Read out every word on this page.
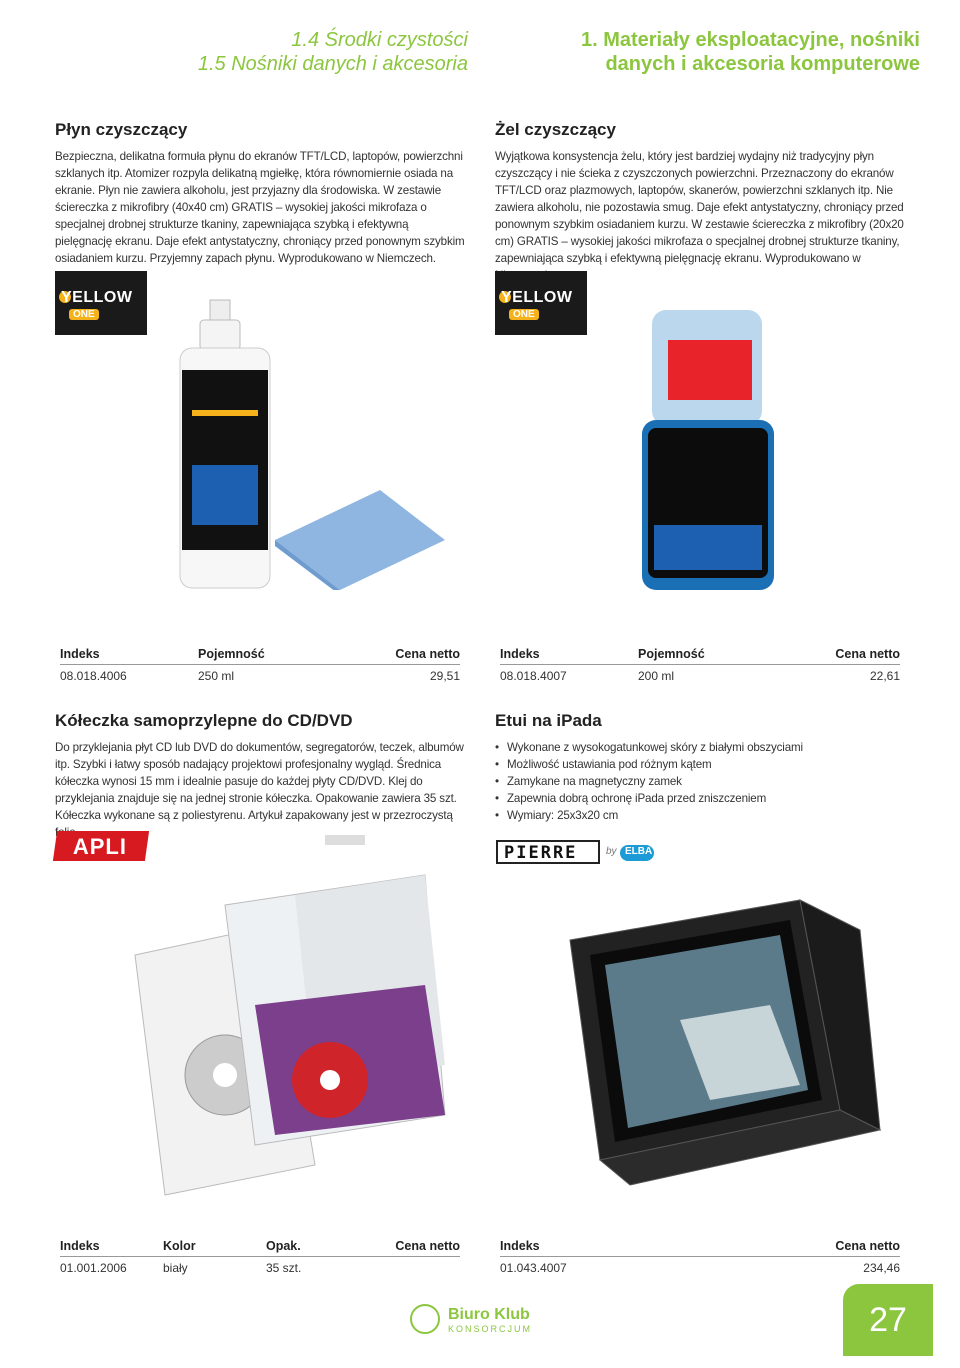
1.4 Środki czystości
1.5 Nośniki danych i akcesoria
1. Materiały eksploatacyjne, nośniki
danych i akcesoria komputerowe
Płyn czyszczący

Bezpieczna, delikatna formuła płynu do ekranów TFT/LCD, laptopów, powierzchni szklanych itp. Atomizer rozpyla delikatną mgiełkę, która równomiernie osiada na ekranie. Płyn nie zawiera alkoholu, jest przyjazny dla środowiska. W zestawie ściereczka z mikrofibry (40x40 cm) GRATIS – wysokiej jakości mikrofaza o specjalnej drobnej strukturze tkaniny, zapewniająca szybką i efektywną pielęgnację ekranu. Daje efekt antystatyczny, chroniący przed ponownym szybkim osiadaniem kurzu. Przyjemny zapach płynu. Wyprodukowano w Niemczech.

YELLOW
ONE
Indeks	Pojemność	Cena netto
08.018.4006	250 ml	29,51
Żel czyszczący

Wyjątkowa konsystencja żelu, który jest bardziej wydajny niż tradycyjny płyn czyszczący i nie ścieka z czyszczonych powierzchni. Przeznaczony do ekranów TFT/LCD oraz plazmowych, laptopów, skanerów, powierzchni szklanych itp. Nie zawiera alkoholu, nie pozostawia smug. Daje efekt antystatyczny, chroniący przed ponownym szybkim osiadaniem kurzu. W zestawie ściereczka z mikrofibry (20x20 cm) GRATIS – wysokiej jakości mikrofaza o specjalnej drobnej strukturze tkaniny, zapewniająca szybką i efektywną pielęgnację ekranu. Wyprodukowano w

YELLOW
ONE
Indeks	Pojemność	Cena netto
08.018.4007	200 ml	22,61
Kółeczka samoprzylepne do CD/DVD

Do przyklejania płyt CD lub DVD do dokumentów, segregatorów, teczek, albumów itp. Szybki i łatwy sposób nadający projektowi profesjonalny wygląd. Średnica kółeczka wynosi 15 mm i idealnie pasuje do każdej płyty CD/DVD. Klej do przyklejania znajduje się na jednej stronie kółeczka. Opakowanie zawiera 35 szt. Kółeczka wykonane są z poliestyrenu. Artykuł zapakowany jest w przezroczystą

APLI
Indeks	Kolor	Opak.	Cena netto
01.001.2006	biały	35 szt.
Etui na iPada
• Wykonane z wysokogatunkowej skóry z białymi obszyciami
• Możliwość ustawiania pod różnym kątem
• Zamykane na magnetyczny zamek
• Zapewnia dobrą ochronę iPada przed zniszczeniem
• Wymiary: 25x3x20 cm
PIERRE	by ELBA
Indeks	Cena netto
01.043.4007	234,46
Biuro Klub
KONSORCJUM	27
